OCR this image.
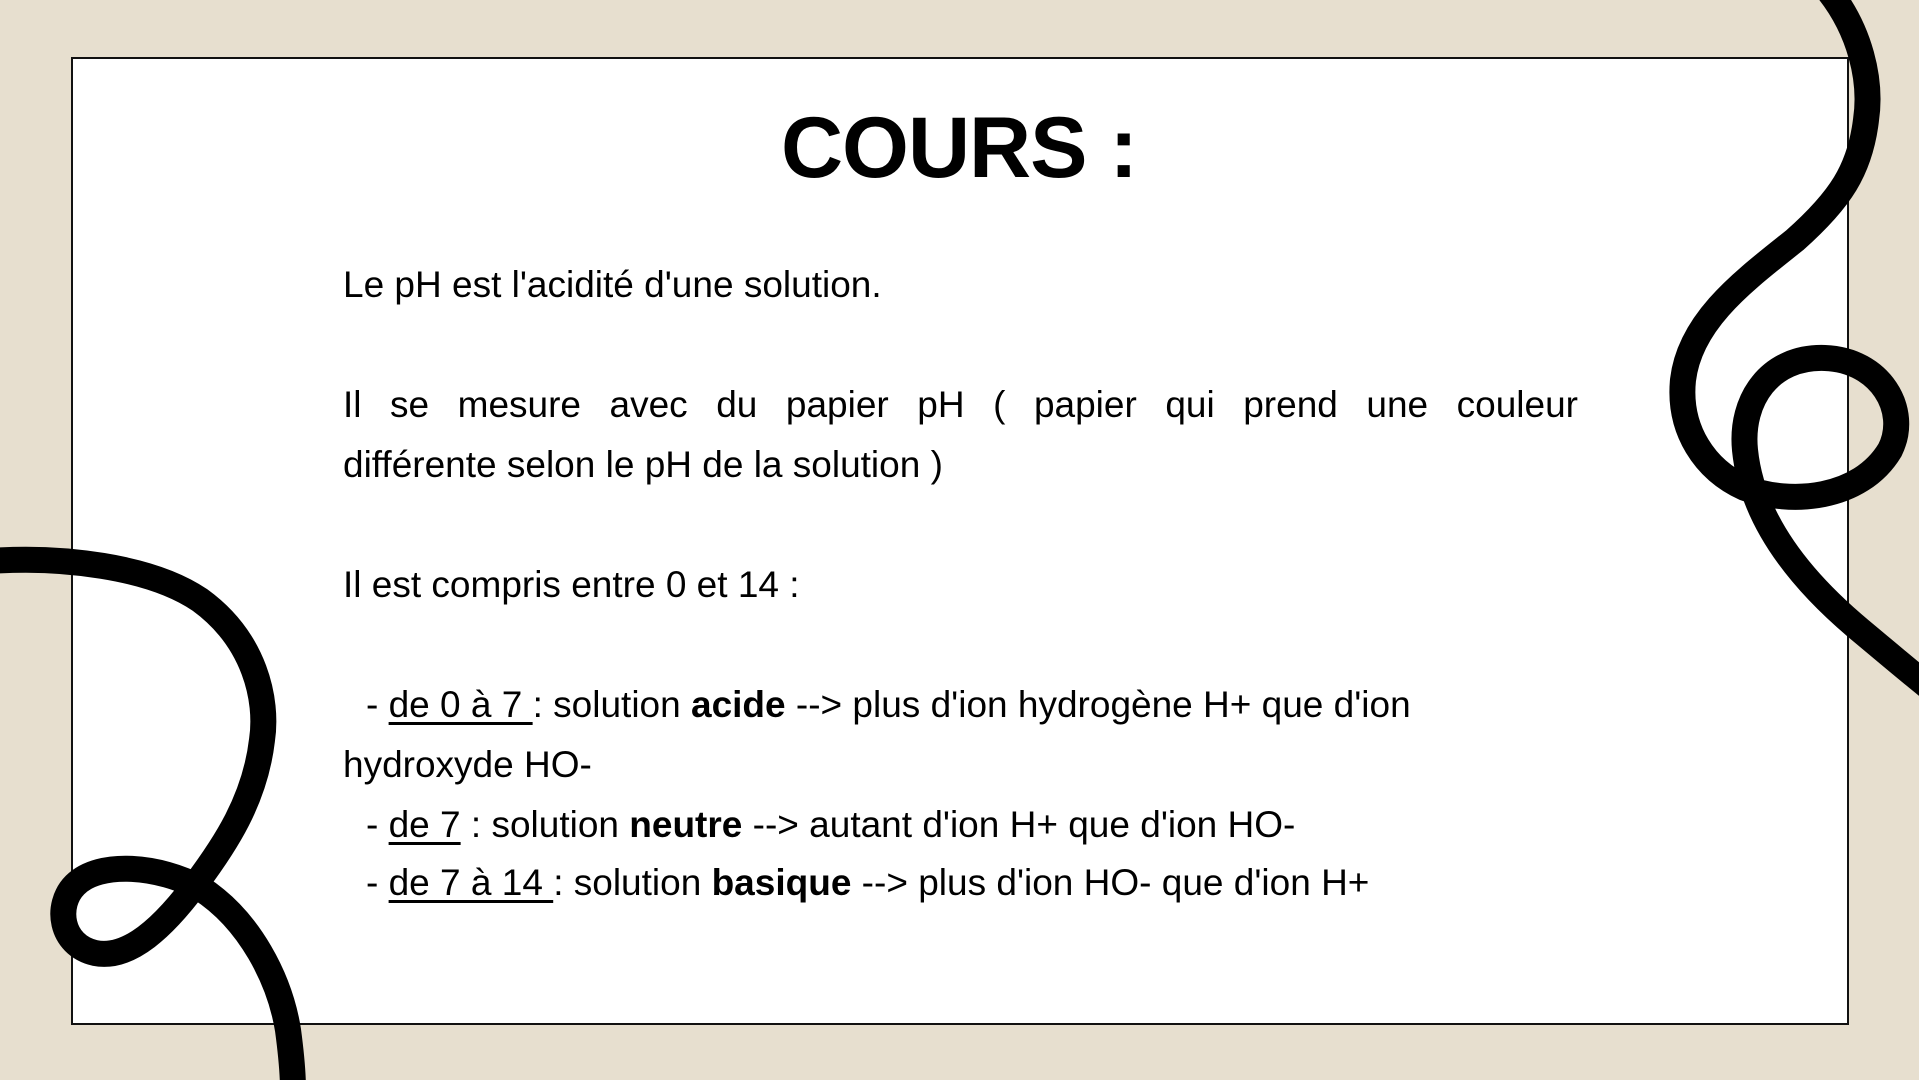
COURS :
Le pH est l'acidité d'une solution.
Il se mesure avec du papier pH ( papier qui prend une couleur
différente selon le pH de la solution )
Il est compris entre 0 et 14 :
- de 0 à 7 : solution acide --> plus d'ion hydrogène H+ que d'ion
hydroxyde HO-
- de 7 : solution neutre --> autant d'ion H+ que d'ion HO-
- de 7 à 14 : solution basique --> plus d'ion HO- que d'ion H+
